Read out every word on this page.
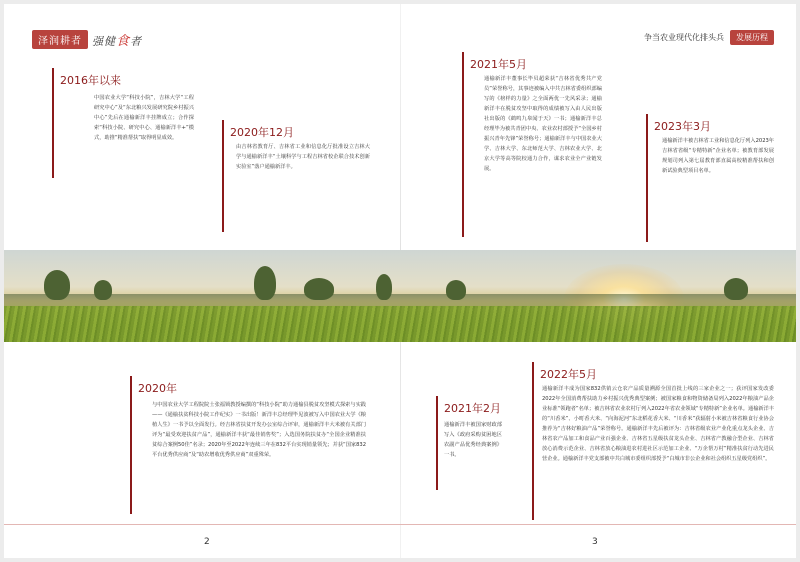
泽润耕者 强健食者	争当农业现代化排头兵	发展历程
2016年以来

中国农业大学“科技小院”，吉林大学“工程研究中心”及“东北粮兴发展研究院乡村振兴中心”先后在通榆新洋丰挂牌成立；合作探索“科技小院、研究中心、通榆新洋丰+”模式，助推“精准帮扶”取得明显成效。	2020年12月

由吉林省教育厅、吉林省工业和信息化厅批准设立吉林大学与通榆新洋丰“土壤科学与工程吉林省校企联合技术创新实验室”落户通榆新洋丰。

2021年5月

通榆新洋丰董事长毕贝超荣获“吉林省优秀共产党员”荣誉称号，其事迹被编入中共吉林省委组织部编写的《榜样的力量》之全面两优一先风采录；通榆新洋丰在脱贫攻坚中取得的成绩被写入由人民出版社出版的《鹤鸣九皋闻于天》一书；通榆新洋丰总经理毕为被共青团中央、农业农村部授予“全国乡村振兴青年先锋”荣誉称号；通榆新洋丰与中国农业大学、吉林大学、东北师范大学、吉林农业大学、北京大学等高等院校通力合作，谋求农业全产业链发展。

2023年3月

通榆新洋丰被吉林省工业和信息化厅列入2023年吉林省省级“专精特新”企业名单；被教育部发展规划司列入第七届教育部直属高校精准帮扶和创新试验典型项目名单。

2020年

与中国农业大学工程院院士张福锁教授编撰的“科技小院”助力通榆县脱贫攻坚模式探索与实践——《通榆扶贫科技小院工作纪实》一书出版！新洋丰总经理毕见波被写入中国农业大学《粮植人生》一书予以全面发行。经吉林省扶贫开发办公室综合评审，通榆新洋丰大米被有关部门评为“最受欢迎扶贫产品”，通榆新洋丰获“最佳销售奖”；入选国务院扶贫办“全国企业精准扶贫综合案例50佳”名录；2020年至2022年连续三年在832平台实现销量领先；并获“国家832平台优秀供应商”及“助农增收优秀供应商”双重殊荣。

2021年2月

通榆新洋丰被国家财政部写入《政府采购贫困地区农副产品优秀经典案例》一书。

2022年5月

通榆新洋丰成为国家832供销云仓农产品质量溯源全国首批上线的三家企业之一；获评国家发改委2022年全国消费帮扶助力乡村振兴优秀典型案例；被国家粮食和物资储备局列入2022年粮油产品企业标准“领跑者”名单；被吉林省农业农村厅列入2022年省农业领域“专精特新”企业名单。通榆新洋丰的“川香米”、小町香大米、“向海泥河”东北稻花香大米、“川香米”获辐射小米被吉林省粮食行业协会推荐为“吉林好粮油产品”荣誉称号。通榆新洋丰先后被评为：吉林省级农业产业化重点龙头企业、吉林省农产品加工和食品产业百强企业、吉林省五星级扶贫龙头企业、吉林省产教融合型企业、吉林省放心消费示范企业、吉林省放心粮油进农村进社区示范加工企业、“万企帮万村”精准扶贫行动先进民营企业。通榆新洋丰党支部被中共白城市委组织部授予“白城市非公企业和社会组织五星级党组织”。

2	3
